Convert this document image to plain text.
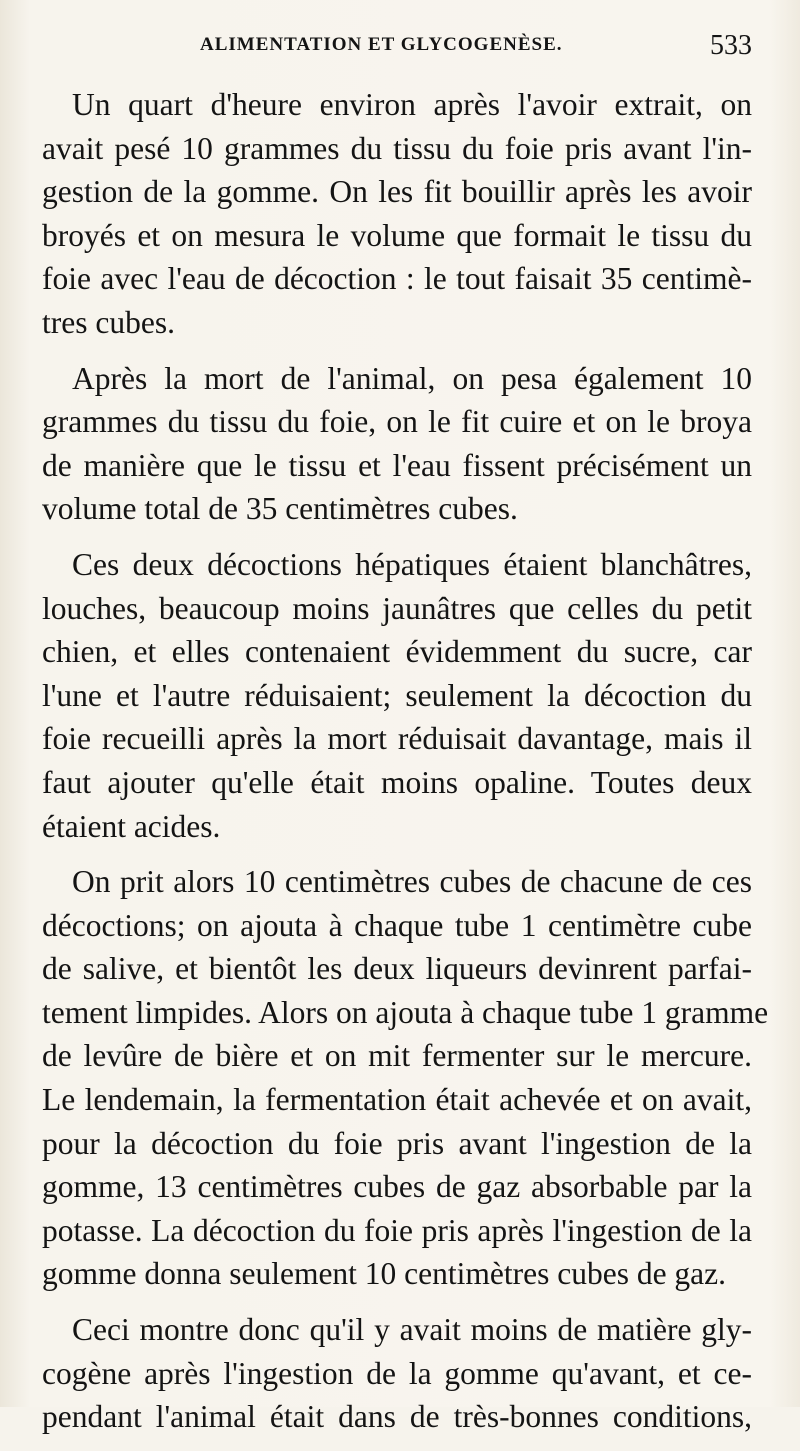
ALIMENTATION ET GLYCOGENÈSE.	533
Un quart d'heure environ après l'avoir extrait, on
avait pesé 10 grammes du tissu du foie pris avant l'in-
gestion de la gomme. On les fit bouillir après les avoir
broyés et on mesura le volume que formait le tissu du
foie avec l'eau de décoction : le tout faisait 35 centimè-
tres cubes.
Après la mort de l'animal, on pesa également 10
grammes du tissu du foie, on le fit cuire et on le broya
de manière que le tissu et l'eau fissent précisément un
volume total de 35 centimètres cubes.
Ces deux décoctions hépatiques étaient blanchâtres,
louches, beaucoup moins jaunâtres que celles du petit
chien, et elles contenaient évidemment du sucre, car
l'une et l'autre réduisaient; seulement la décoction du
foie recueilli après la mort réduisait davantage, mais il
faut ajouter qu'elle était moins opaline. Toutes deux
étaient acides.
On prit alors 10 centimètres cubes de chacune de ces
décoctions; on ajouta à chaque tube 1 centimètre cube
de salive, et bientôt les deux liqueurs devinrent parfai-
tement limpides. Alors on ajouta à chaque tube 1 gramme
de levûre de bière et on mit fermenter sur le mercure.
Le lendemain, la fermentation était achevée et on avait,
pour la décoction du foie pris avant l'ingestion de la
gomme, 13 centimètres cubes de gaz absorbable par la
potasse. La décoction du foie pris après l'ingestion de la
gomme donna seulement 10 centimètres cubes de gaz.
Ceci montre donc qu'il y avait moins de matière gly-
cogène après l'ingestion de la gomme qu'avant, et ce-
pendant l'animal était dans de très-bonnes conditions,
